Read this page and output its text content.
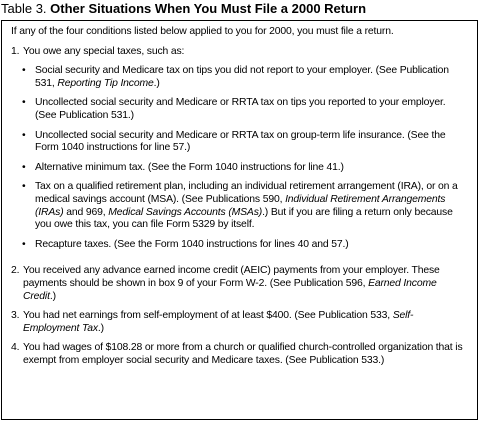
Table 3. Other Situations When You Must File a 2000 Return

If any of the four conditions listed below applied to you for 2000, you must file a return.

1. You owe any special taxes, such as:
• Social security and Medicare tax on tips you did not report to your employer. (See Publication 531, Reporting Tip Income.)
• Uncollected social security and Medicare or RRTA tax on tips you reported to your employer. (See Publication 531.)
• Uncollected social security and Medicare or RRTA tax on group-term life insurance. (See the Form 1040 instructions for line 57.)
• Alternative minimum tax. (See the Form 1040 instructions for line 41.)
• Tax on a qualified retirement plan, including an individual retirement arrangement (IRA), or on a medical savings account (MSA). (See Publications 590, Individual Retirement Arrangements (IRAs) and 969, Medical Savings Accounts (MSAs).) But if you are filing a return only because you owe this tax, you can file Form 5329 by itself.
• Recapture taxes. (See the Form 1040 instructions for lines 40 and 57.)
2. You received any advance earned income credit (AEIC) payments from your employer. These payments should be shown in box 9 of your Form W-2. (See Publication 596, Earned Income Credit.)
3. You had net earnings from self-employment of at least $400. (See Publication 533, Self-Employment Tax.)
4. You had wages of $108.28 or more from a church or qualified church-controlled organization that is exempt from employer social security and Medicare taxes. (See Publication 533.)
